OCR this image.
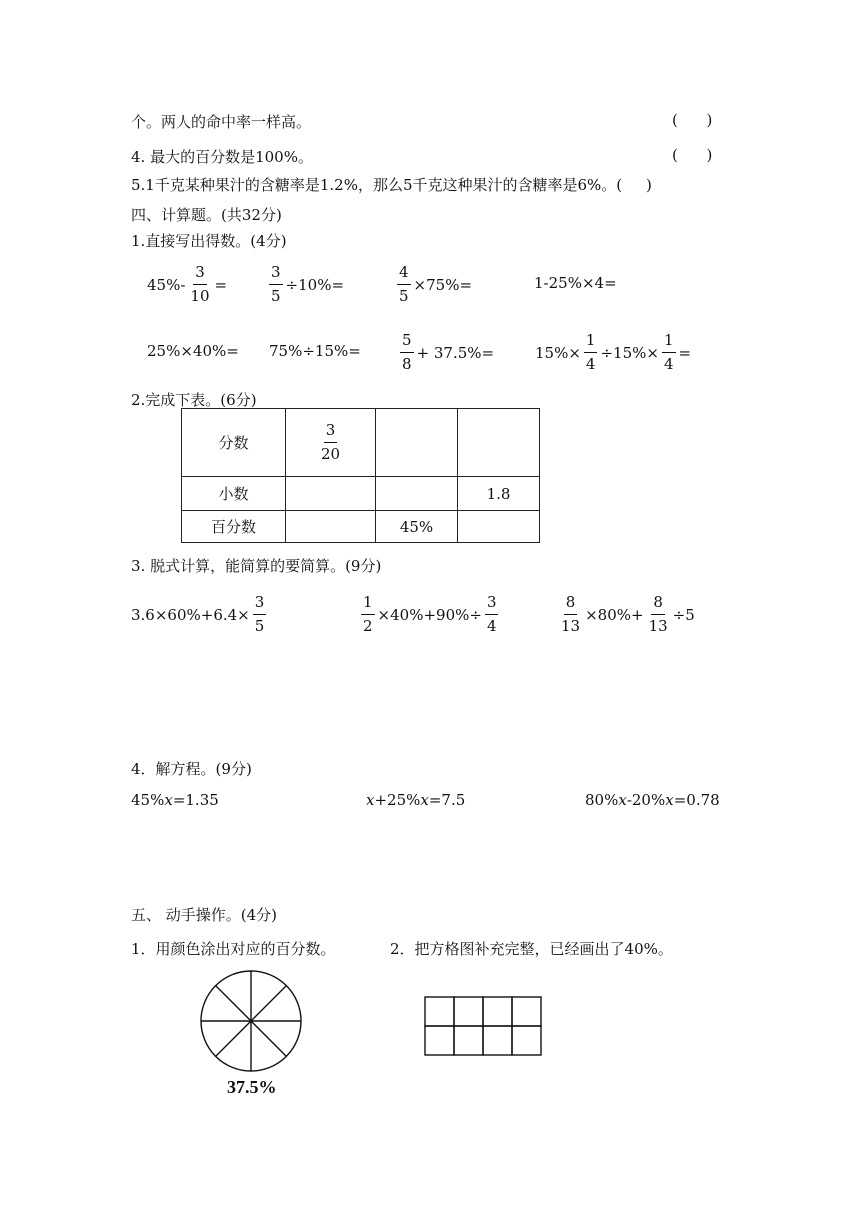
个。两人的命中率一样高。	( )
4. 最大的百分数是100%。	( )
5.1千克某种果汁的含糖率是1.2%，那么5千克这种果汁的含糖率是6%。( )
四、计算题。(共32分)
1.直接写出得数。(4分)
$45\%- \frac{3}{10}$ =	$\frac{3}{5} \div 10\%=$	$\frac{4}{5} \times 75\%=$	1-25%×4=
25%×40%= 75%÷15%=	$\frac{5}{8} + 37.5\%=$	$15\%\times \frac{1}{4} \div 15\%\times \frac{1}{4}$ =
2.完成下表。(6分)
分数	$\frac{3}{20}$

小数			1.8
百分数		45%	
3. 脱式计算，能简算的要简算。(9分)
$3.6\times 60\%+6.4\times \frac{3}{5}$	$\frac{1}{2} \times 40\%+90\%\div \frac{3}{4}$	$\frac{8}{13} \times 80\%+ \frac{8}{13} \div 5$
4．解方程。(9分)
45%x=1.35	x+25%x=7.5	80%x-20%x=0.78
五、 动手操作。(4分)
1．用颜色涂出对应的百分数。	2．把方格图补充完整，已经画出了40%。
37.5%
